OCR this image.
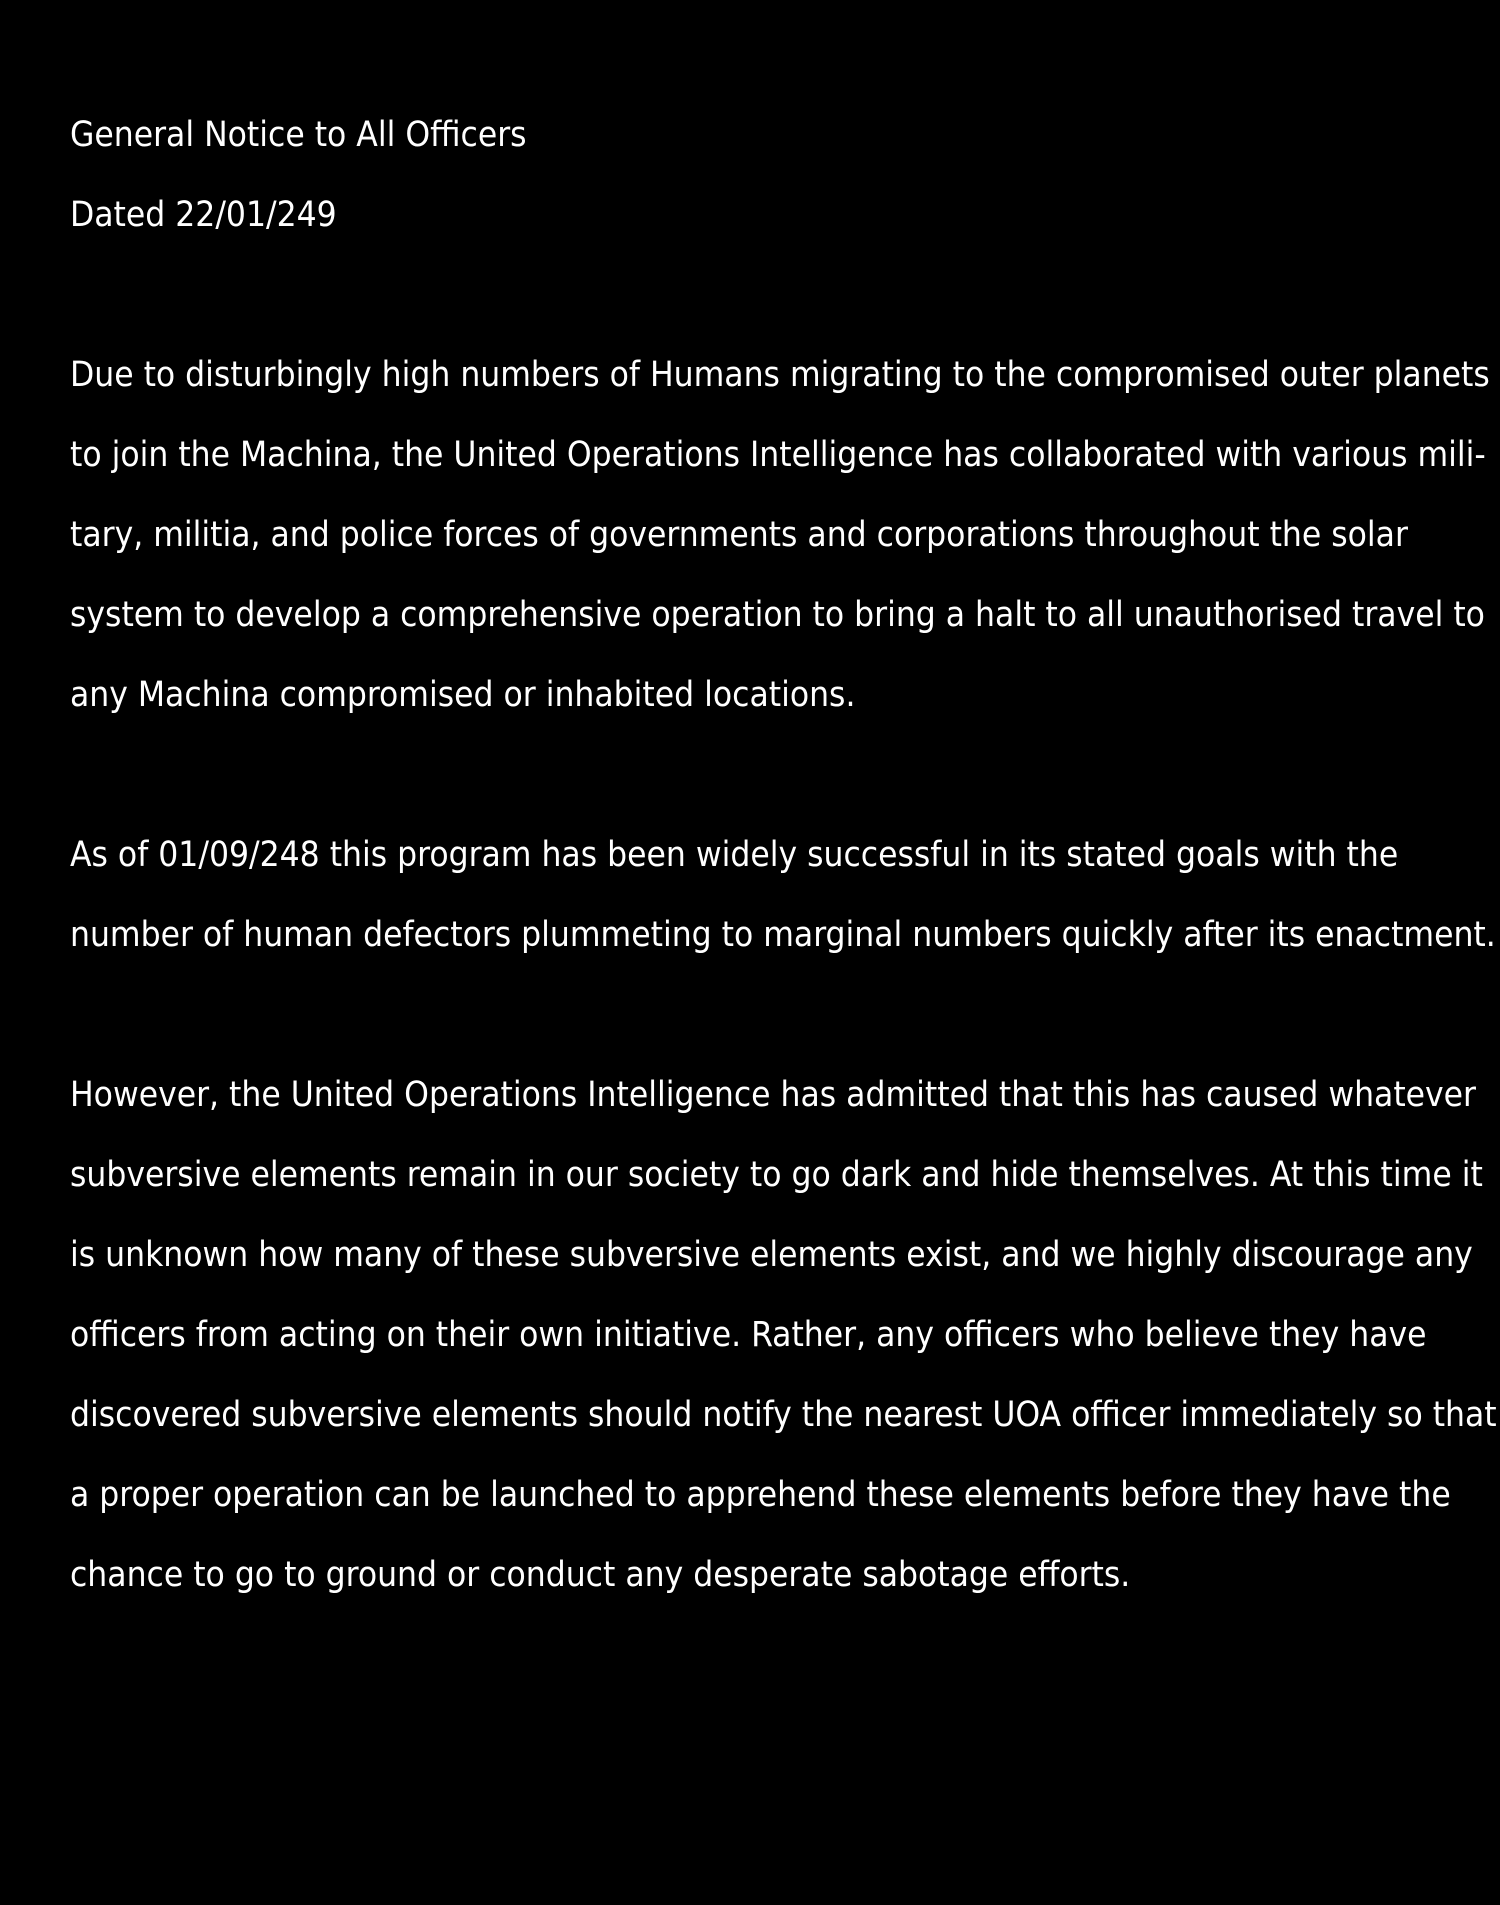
General Notice to All Officers
Dated 22/01/249
Due to disturbingly high numbers of Humans migrating to the compromised outer planets
to join the Machina, the United Operations Intelligence has collaborated with various mili-
tary, militia, and police forces of governments and corporations throughout the solar
system to develop a comprehensive operation to bring a halt to all unauthorised travel to
any Machina compromised or inhabited locations.
As of 01/09/248 this program has been widely successful in its stated goals with the
number of human defectors plummeting to marginal numbers quickly after its enactment.
However, the United Operations Intelligence has admitted that this has caused whatever
subversive elements remain in our society to go dark and hide themselves. At this time it
is unknown how many of these subversive elements exist, and we highly discourage any
officers from acting on their own initiative. Rather, any officers who believe they have
discovered subversive elements should notify the nearest UOA officer immediately so that
a proper operation can be launched to apprehend these elements before they have the
chance to go to ground or conduct any desperate sabotage efforts.
